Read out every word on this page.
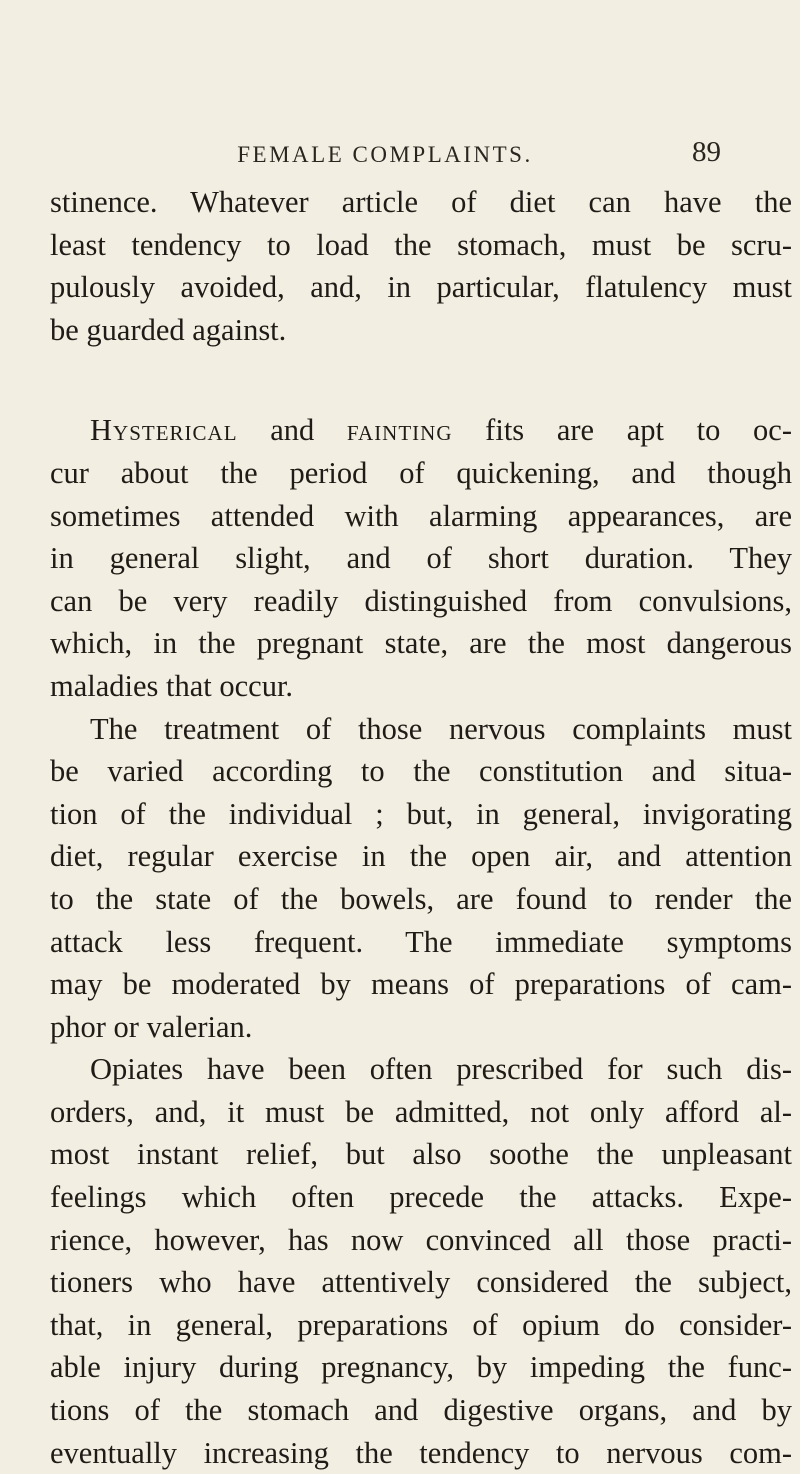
FEMALE COMPLAINTS.	89
stinence. Whatever article of diet can have the
least tendency to load the stomach, must be scru-
pulously avoided, and, in particular, flatulency must
be guarded against.
Hysterical and fainting fits are apt to oc-
cur about the period of quickening, and though
sometimes attended with alarming appearances, are
in general slight, and of short duration. They
can be very readily distinguished from convulsions,
which, in the pregnant state, are the most dangerous
maladies that occur.
The treatment of those nervous complaints must
be varied according to the constitution and situa-
tion of the individual ; but, in general, invigorating
diet, regular exercise in the open air, and attention
to the state of the bowels, are found to render the
attack less frequent. The immediate symptoms
may be moderated by means of preparations of cam-
phor or valerian.
Opiates have been often prescribed for such dis-
orders, and, it must be admitted, not only afford al-
most instant relief, but also soothe the unpleasant
feelings which often precede the attacks. Expe-
rience, however, has now convinced all those practi-
tioners who have attentively considered the subject,
that, in general, preparations of opium do consider-
able injury during pregnancy, by impeding the func-
tions of the stomach and digestive organs, and by
eventually increasing the tendency to nervous com-
